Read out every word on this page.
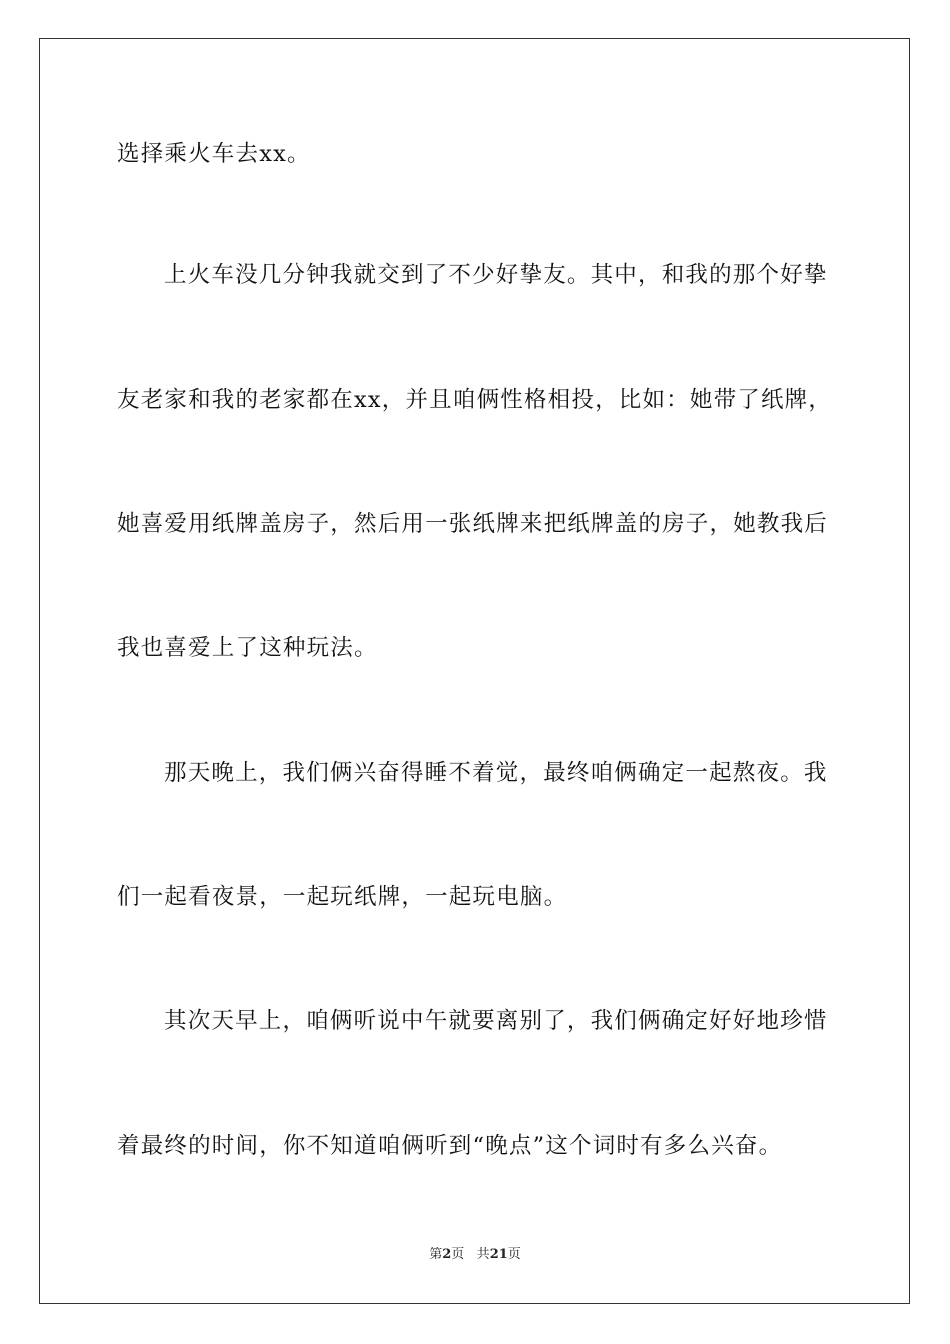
选择乘火车去xx。
上火车没几分钟我就交到了不少好挚友。其中，和我的那个好挚
友老家和我的老家都在xx，并且咱俩性格相投，比如：她带了纸牌，
她喜爱用纸牌盖房子，然后用一张纸牌来把纸牌盖的房子，她教我后
我也喜爱上了这种玩法。
那天晚上，我们俩兴奋得睡不着觉，最终咱俩确定一起熬夜。我
们一起看夜景，一起玩纸牌，一起玩电脑。
其次天早上，咱俩听说中午就要离别了，我们俩确定好好地珍惜
着最终的时间，你不知道咱俩听到“晚点”这个词时有多么兴奋。
第2页 共21页
